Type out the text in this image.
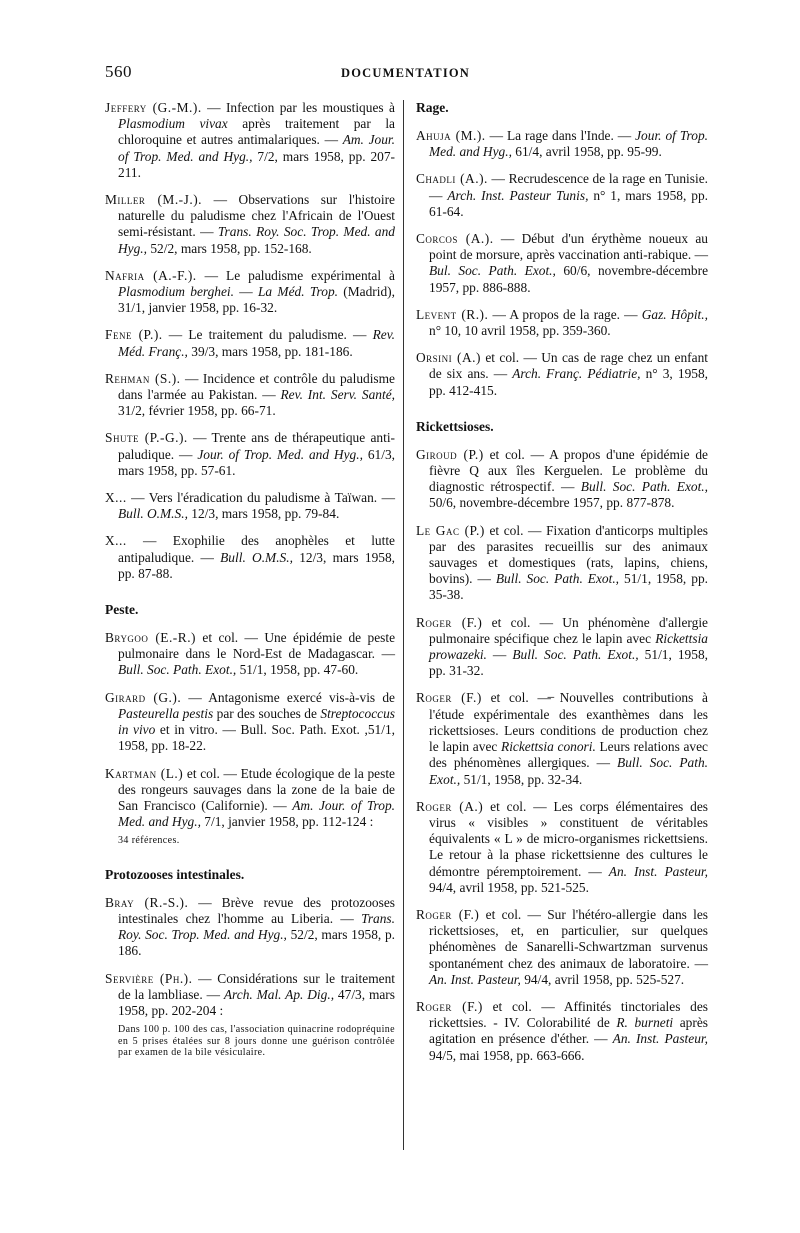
560	DOCUMENTATION

Jeffery (G.-M.). — Infection par les moustiques à Plasmodium vivax après traitement par la chloroquine et autres antimalariques. — Am. Jour. of Trop. Med. and Hyg., 7/2, mars 1958, pp. 207-211.

Miller (M.-J.). — Observations sur l'histoire naturelle du paludisme chez l'Africain de l'Ouest semi-résistant. — Trans. Roy. Soc. Trop. Med. and Hyg., 52/2, mars 1958, pp. 152-168.

Nafria (A.-F.). — Le paludisme expérimental à Plasmodium berghei. — La Méd. Trop. (Madrid), 31/1, janvier 1958, pp. 16-32.

Fene (P.). — Le traitement du paludisme. — Rev. Méd. Franç., 39/3, mars 1958, pp. 181-186.

Rehman (S.). — Incidence et contrôle du paludisme dans l'armée au Pakistan. — Rev. Int. Serv. Santé, 31/2, février 1958, pp. 66-71.

Shute (P.-G.). — Trente ans de thérapeutique anti-paludique. — Jour. of Trop. Med. and Hyg., 61/3, mars 1958, pp. 57-61.

X... — Vers l'éradication du paludisme à Taïwan. — Bull. O.M.S., 12/3, mars 1958, pp. 79-84.

X... — Exophilie des anophèles et lutte antipaludique. — Bull. O.M.S., 12/3, mars 1958, pp. 87-88.

Peste.

Brygoo (E.-R.) et col. — Une épidémie de peste pulmonaire dans le Nord-Est de Madagascar. — Bull. Soc. Path. Exot., 51/1, 1958, pp. 47-60.

Girard (G.). — Antagonisme exercé vis-à-vis de Pasteurella pestis par des souches de Streptococcus in vivo et in vitro. — Bull. Soc. Path. Exot. ,51/1, 1958, pp. 18-22.

Kartman (L.) et col. — Etude écologique de la peste des rongeurs sauvages dans la zone de la baie de San Francisco (Californie). — Am. Jour. of Trop. Med. and Hyg., 7/1, janvier 1958, pp. 112-124 :

34 références.
Protozooses intestinales.

Bray (R.-S.). — Brève revue des protozooses intestinales chez l'homme au Liberia. — Trans. Roy. Soc. Trop. Med. and Hyg., 52/2, mars 1958, p. 186.

Servière (Ph.). — Considérations sur le traitement de la lambliase. — Arch. Mal. Ap. Dig., 47/3, mars 1958, pp. 202-204 :

Dans 100 p. 100 des cas, l'association quinacrine rodopréquine en 5 prises étalées sur 8 jours donne une guérison contrôlée par examen de la bile vésiculaire.
Rage.

Ahuja (M.). — La rage dans l'Inde. — Jour. of Trop. Med. and Hyg., 61/4, avril 1958, pp. 95-99.

Chadli (A.). — Recrudescence de la rage en Tunisie. — Arch. Inst. Pasteur Tunis, n° 1, mars 1958, pp. 61-64.

Corcos (A.). — Début d'un érythème noueux au point de morsure, après vaccination anti-rabique. — Bul. Soc. Path. Exot., 60/6, novembre-décembre 1957, pp. 886-888.

Levent (R.). — A propos de la rage. — Gaz. Hôpit., n° 10, 10 avril 1958, pp. 359-360.

Orsini (A.) et col. — Un cas de rage chez un enfant de six ans. — Arch. Franç. Pédiatrie, n° 3, 1958, pp. 412-415.

Rickettsioses.

Giroud (P.) et col. — A propos d'une épidémie de fièvre Q aux îles Kerguelen. Le problème du diagnostic rétrospectif. — Bull. Soc. Path. Exot., 50/6, novembre-décembre 1957, pp. 877-878.

Le Gac (P.) et col. — Fixation d'anticorps multiples par des parasites recueillis sur des animaux sauvages et domestiques (rats, lapins, chiens, bovins). — Bull. Soc. Path. Exot., 51/1, 1958, pp. 35-38.

Roger (F.) et col. — Un phénomène d'allergie pulmonaire spécifique chez le lapin avec Rickettsia prowazeki. — Bull. Soc. Path. Exot., 51/1, 1958, pp. 31-32.

Roger (F.) et col. —̶ Nouvelles contributions à l'étude expérimentale des exanthèmes dans les rickettsioses. Leurs conditions de production chez le lapin avec Rickettsia conori. Leurs relations avec des phénomènes allergiques. — Bull. Soc. Path. Exot., 51/1, 1958, pp. 32-34.

Roger (A.) et col. — Les corps élémentaires des virus « visibles » constituent de véritables équivalents « L » de micro-organismes rickettsiens. Le retour à la phase rickettsienne des cultures le démontre péremptoirement. — An. Inst. Pasteur, 94/4, avril 1958, pp. 521-525.

Roger (F.) et col. — Sur l'hétéro-allergie dans les rickettsioses, et, en particulier, sur quelques phénomènes de Sanarelli-Schwartzman survenus spontanément chez des animaux de laboratoire. — An. Inst. Pasteur, 94/4, avril 1958, pp. 525-527.

Roger (F.) et col. — Affinités tinctoriales des rickettsies. - IV. Colorabilité de R. burneti après agitation en présence d'éther. — An. Inst. Pasteur, 94/5, mai 1958, pp. 663-666.
